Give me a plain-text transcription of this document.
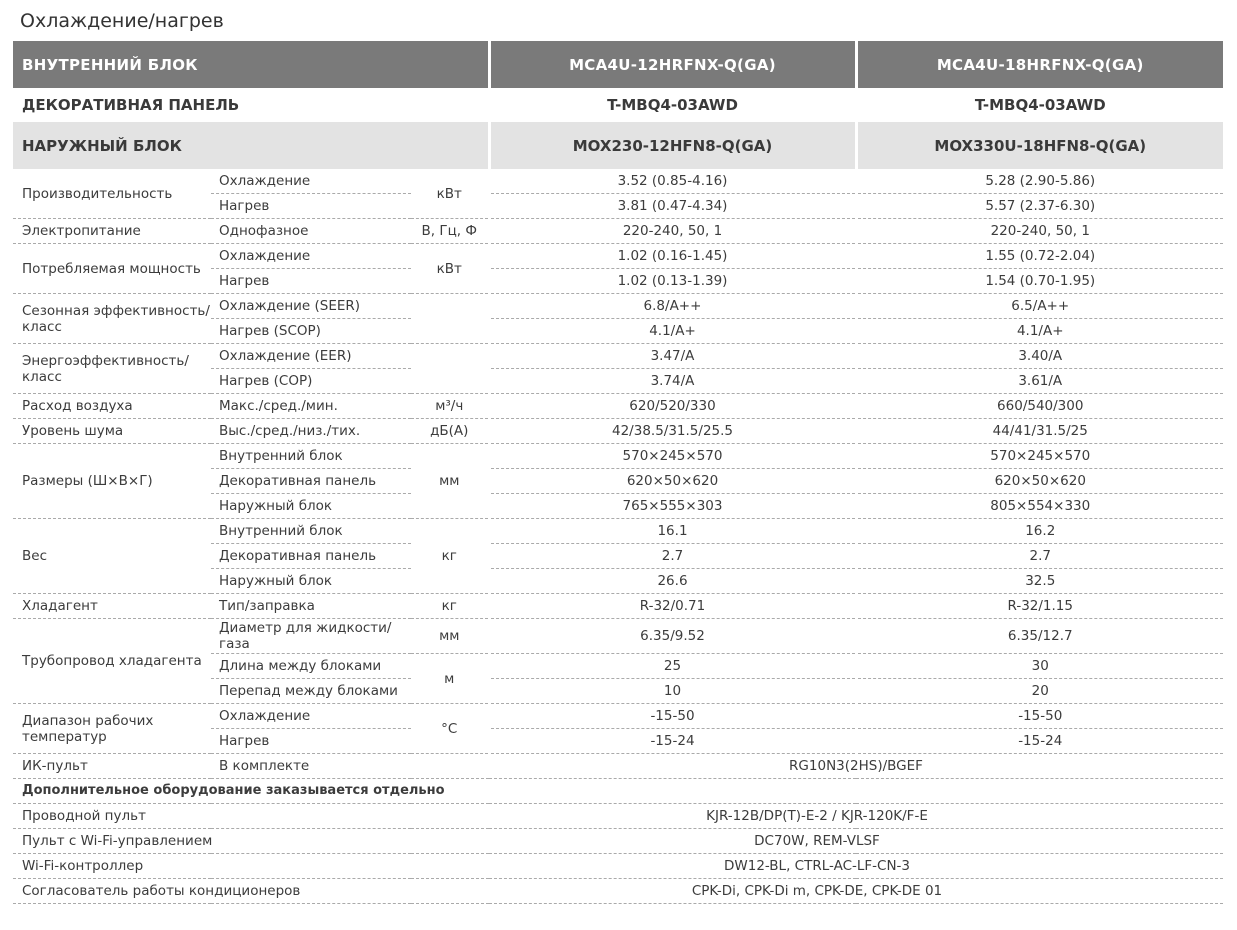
Охлаждение/нагрев
ВНУТРЕННИЙ БЛОК			MCA4U-12HRFNX-Q(GA)	MCA4U-18HRFNX-Q(GA)
ДЕКОРАТИВНАЯ ПАНЕЛЬ			T-MBQ4-03AWD	T-MBQ4-03AWD
НАРУЖНЫЙ БЛОК			MOX230-12HFN8-Q(GA)	MOX330U-18HFN8-Q(GA)
Производительность	Охлаждение	кВт	3.52 (0.85-4.16)	5.28 (2.90-5.86)
	Нагрев		3.81 (0.47-4.34)	5.57 (2.37-6.30)
Электропитание	Однофазное	В, Гц, Ф	220-240, 50, 1	220-240, 50, 1
Потребляемая мощность	Охлаждение	кВт	1.02 (0.16-1.45)	1.55 (0.72-2.04)
	Нагрев		1.02 (0.13-1.39)	1.54 (0.70-1.95)
Сезонная эффективность/класс	Охлаждение (SEER)		6.8/A++	6.5/A++
	Нагрев (SCOP)		4.1/A+	4.1/A+
Энергоэффективность/ класс	Охлаждение (EER)		3.47/A	3.40/A
	Нагрев (COP)		3.74/A	3.61/A
Расход воздуха	Макс./сред./мин.	м³/ч	620/520/330	660/540/300
Уровень шума	Выс./сред./низ./тих.	дБ(А)	42/38.5/31.5/25.5	44/41/31.5/25
Размеры (Ш×В×Г)	Внутренний блок	мм	570×245×570	570×245×570
	Декоративная панель		620×50×620	620×50×620
	Наружный блок		765×555×303	805×554×330
Вес	Внутренний блок	кг	16.1	16.2
	Декоративная панель		2.7	2.7
	Наружный блок		26.6	32.5
Хладагент	Тип/заправка	кг	R-32/0.71	R-32/1.15
Трубопровод хладагента	Диаметр для жидкости/ газа	мм	6.35/9.52	6.35/12.7
	Длина между блоками	м	25	30
	Перепад между блоками		10	20
Диапазон рабочих температур	Охлаждение	°C	-15-50	-15-50
	Нагрев		-15-24	-15-24
ИК-пульт	В комплекте		RG10N3(2HS)/BGEF	
Дополнительное оборудование заказывается отдельно				
Проводной пульт		KJR-12B/DP(T)-E-2 / KJR-120K/F-E		
Пульт с Wi-Fi-управлением		DC70W, REM-VLSF		
Wi-Fi-контроллер		DW12-BL, CTRL-AC-LF-CN-3		
Согласователь работы кондиционеров		CPK-Di, CPK-Di m, CPK-DE, CPK-DE 01		
